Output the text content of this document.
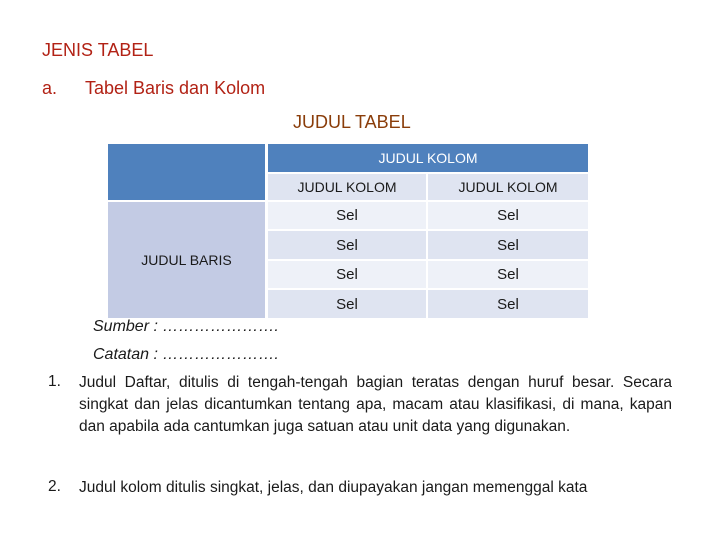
JENIS TABEL
a. Tabel Baris dan Kolom
JUDUL TABEL
JUDUL KOLOM
JUDUL BARIS
JUDUL KOLOM	JUDUL KOLOM
Sel	Sel
Sel	Sel
Sel	Sel
Sel	Sel
Sumber : ………………….
Catatan : ………………….
1. Judul Daftar, ditulis di tengah-tengah bagian teratas dengan huruf besar. Secara singkat dan jelas dicantumkan tentang apa, macam atau klasifikasi, di mana, kapan dan apabila ada cantumkan juga satuan atau unit data yang digunakan.
2. Judul kolom ditulis singkat, jelas, dan diupayakan jangan memenggal kata
